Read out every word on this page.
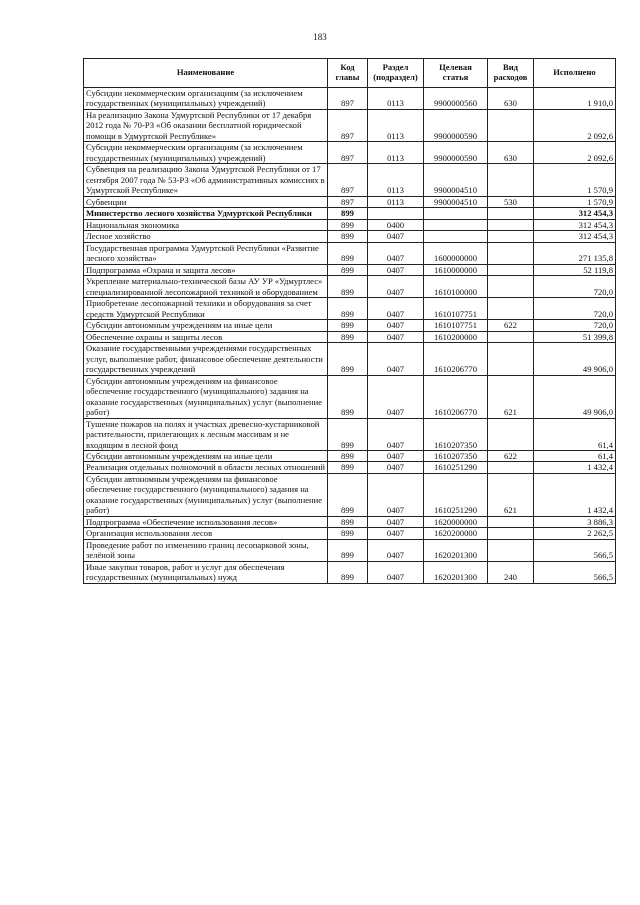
183
Наименование	Код главы	Раздел (подраздел)	Целевая статья	Вид расходов	Исполнено
Субсидии некоммерческим организациям (за исключением государственных (муниципальных) учреждений)	897	0113	9900000560	630	1 910,0
На реализацию Закона Удмуртской Республики от 17 декабря 2012 года № 70-РЗ «Об оказании бесплатной юридической помощи в Удмуртской Республике»	897	0113	9900000590		2 092,6
Субсидии некоммерческим организациям (за исключением государственных (муниципальных) учреждений)	897	0113	9900000590	630	2 092,6
Субвенция на реализацию Закона Удмуртской Республики от 17 сентября 2007 года № 53-РЗ «Об административных комиссиях в Удмуртской Республике»	897	0113	9900004510		1 570,9
Субвенции	897	0113	9900004510	530	1 570,9
Министерство лесного хозяйства Удмуртской Республики	899				312 454,3
Национальная экономика	899	0400			312 454,3
Лесное хозяйство	899	0407			312 454,3
Государственная программа Удмуртской Республики «Развитие лесного хозяйства»	899	0407	1600000000		271 135,8
Подпрограмма «Охрана и защита лесов»	899	0407	1610000000		52 119,8
Укрепление материально-технической базы АУ УР «Удмуртлес» специализированной лесопожарной техникой и оборудованием	899	0407	1610100000		720,0
Приобретение лесопожарной техники и оборудования за счет средств Удмуртской Республики	899	0407	1610107751		720,0
Субсидии автономным учреждениям на иные цели	899	0407	1610107751	622	720,0
Обеспечение охраны и защиты лесов	899	0407	1610200000		51 399,8
Оказание государственными учреждениями государственных услуг, выполнение работ, финансовое обеспечение деятельности государственных учреждений	899	0407	1610206770		49 906,0
Субсидии автономным учреждениям на финансовое обеспечение государственного (муниципального) задания на оказание государственных (муниципальных) услуг (выполнение работ)	899	0407	1610206770	621	49 906,0
Тушение пожаров на полях и участках древесно-кустарниковой растительности, прилегающих к лесным массивам и не входящим в лесной фонд	899	0407	1610207350		61,4
Субсидии автономным учреждениям на иные цели	899	0407	1610207350	622	61,4
Реализация отдельных полномочий в области лесных отношений	899	0407	1610251290		1 432,4
Субсидии автономным учреждениям на финансовое обеспечение государственного (муниципального) задания на оказание государственных (муниципальных) услуг (выполнение работ)	899	0407	1610251290	621	1 432,4
Подпрограмма «Обеспечение использования лесов»	899	0407	1620000000		3 886,3
Организация использования лесов	899	0407	1620200000		2 262,5
Проведение работ по изменению границ лесопарковой зоны, зелёной зоны	899	0407	1620201300		566,5
Иные закупки товаров, работ и услуг для обеспечения государственных (муниципальных) нужд	899	0407	1620201300	240	566,5
